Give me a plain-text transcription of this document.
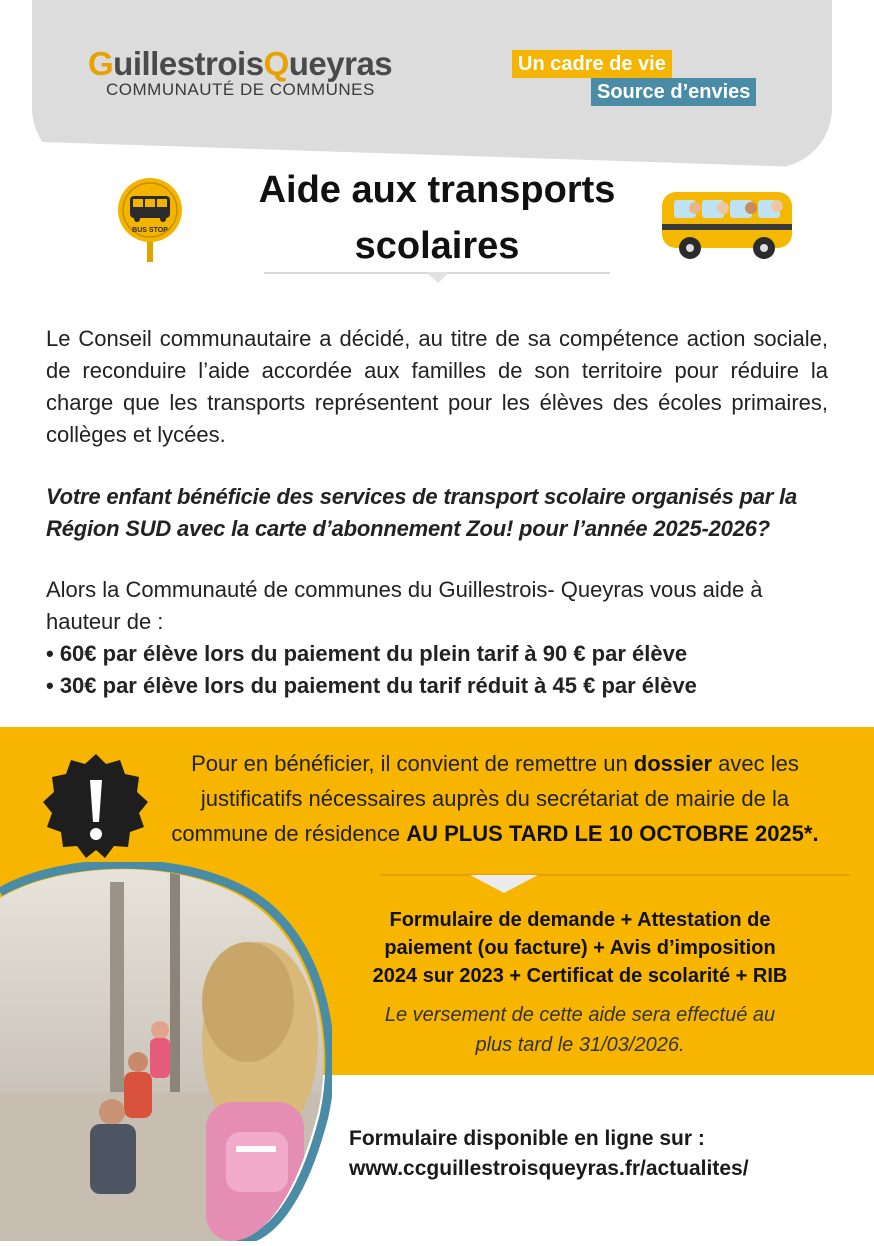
GuillestroisQueyras
COMMUNAUTÉ DE COMMUNES
Un cadre de vie
Source d’envies
BUS STOP
Aide aux transports
scolaires
Le Conseil communautaire a décidé, au titre de sa compétence action sociale, de reconduire l’aide accordée aux familles de son territoire pour réduire la charge que les transports représentent pour les élèves des écoles primaires, collèges et lycées.
Votre enfant bénéficie des services de transport scolaire organisés par la Région SUD avec la carte d’abonnement Zou! pour l’année 2025-2026?
Alors la Communauté de communes du Guillestrois- Queyras vous aide à hauteur de :
• 60€ par élève lors du paiement du plein tarif à 90 € par élève
• 30€ par élève lors du paiement du tarif réduit à 45 € par élève
Pour en bénéficier, il convient de remettre un dossier avec les justificatifs nécessaires auprès du secrétariat de mairie de la commune de résidence AU PLUS TARD LE 10 OCTOBRE 2025*.
Formulaire de demande + Attestation de
paiement (ou facture) + Avis d’imposition
2024 sur 2023 + Certificat de scolarité + RIB
Le versement de cette aide sera effectué au
plus tard le 31/03/2026.
Formulaire disponible en ligne sur :
www.ccguillestroisqueyras.fr/actualites/
